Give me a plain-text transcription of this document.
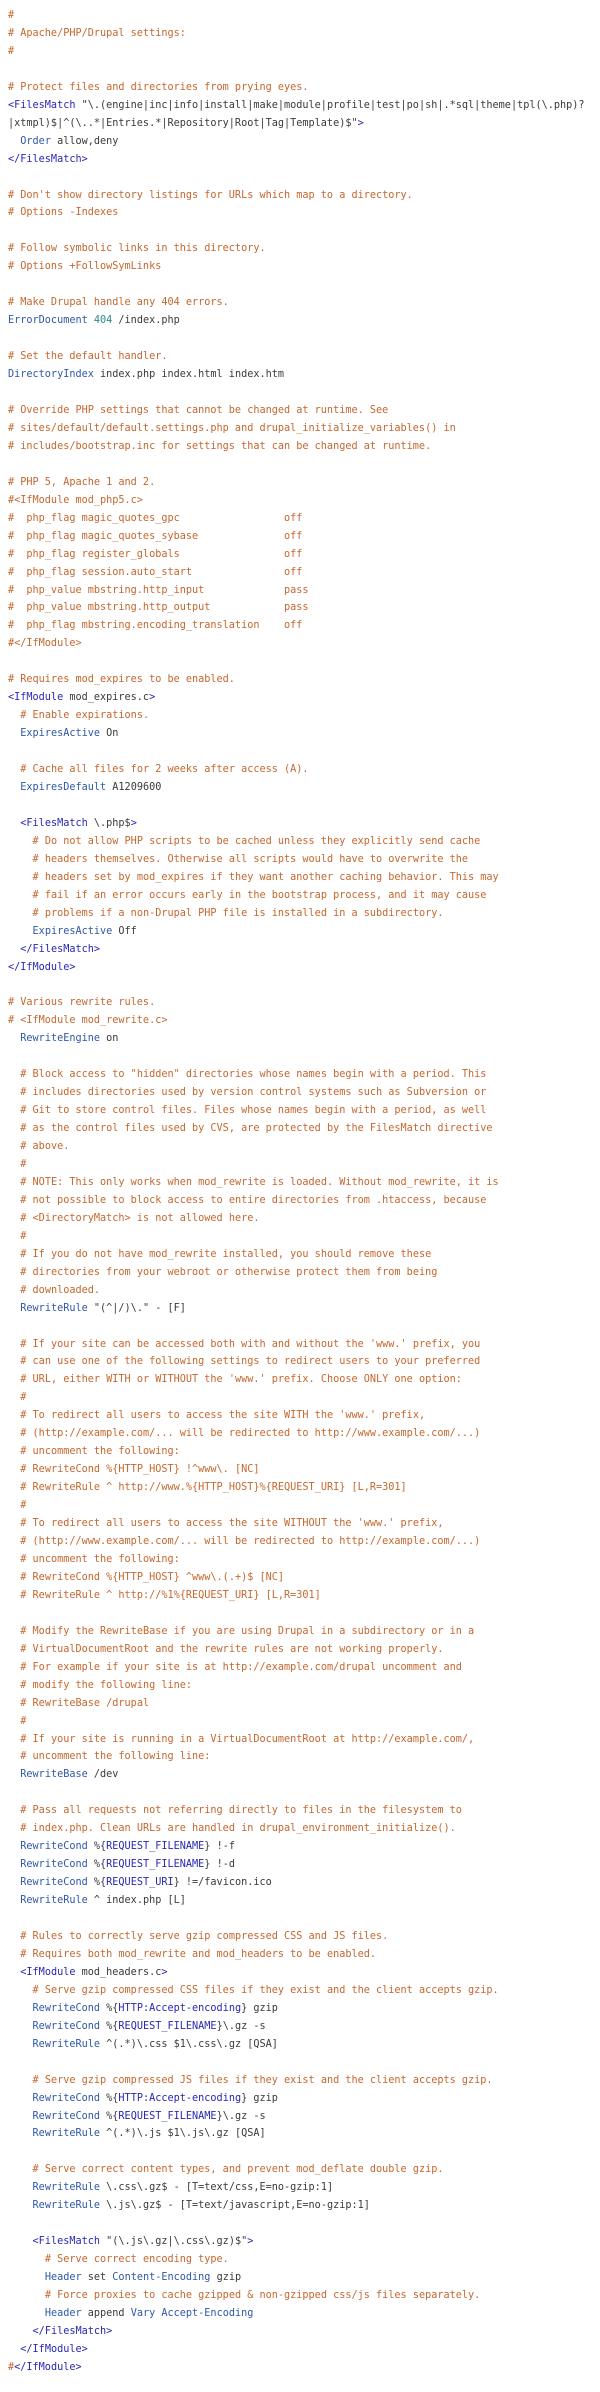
#
# Apache/PHP/Drupal settings:
#

# Protect files and directories from prying eyes.
<FilesMatch "\.(engine|inc|info|install|make|module|profile|test|po|sh|.*sql|theme|tpl(\.php)?
|xtmpl)$|^(\..*|Entries.*|Repository|Root|Tag|Template)$">
Order allow,deny
</FilesMatch>

# Don't show directory listings for URLs which map to a directory.
# Options -Indexes

# Follow symbolic links in this directory.
# Options +FollowSymLinks

# Make Drupal handle any 404 errors.
ErrorDocument 404 /index.php

# Set the default handler.
DirectoryIndex index.php index.html index.htm

# Override PHP settings that cannot be changed at runtime. See
# sites/default/default.settings.php and drupal_initialize_variables() in
# includes/bootstrap.inc for settings that can be changed at runtime.

# PHP 5, Apache 1 and 2.
#<IfModule mod_php5.c>
#  php_flag magic_quotes_gpc                 off
#  php_flag magic_quotes_sybase              off
#  php_flag register_globals                 off
#  php_flag session.auto_start               off
#  php_value mbstring.http_input             pass
#  php_value mbstring.http_output            pass
#  php_flag mbstring.encoding_translation    off
#</IfModule>

# Requires mod_expires to be enabled.
<IfModule mod_expires.c>
# Enable expirations.
ExpiresActive On

# Cache all files for 2 weeks after access (A).
ExpiresDefault A1209600

<FilesMatch \.php$>
# Do not allow PHP scripts to be cached unless they explicitly send cache
# headers themselves. Otherwise all scripts would have to overwrite the
# headers set by mod_expires if they want another caching behavior. This may
# fail if an error occurs early in the bootstrap process, and it may cause
# problems if a non-Drupal PHP file is installed in a subdirectory.
ExpiresActive Off
</FilesMatch>
</IfModule>

# Various rewrite rules.
# <IfModule mod_rewrite.c>
RewriteEngine on

# Block access to "hidden" directories whose names begin with a period. This
# includes directories used by version control systems such as Subversion or
# Git to store control files. Files whose names begin with a period, as well
# as the control files used by CVS, are protected by the FilesMatch directive
# above.
#
# NOTE: This only works when mod_rewrite is loaded. Without mod_rewrite, it is
# not possible to block access to entire directories from .htaccess, because
# <DirectoryMatch> is not allowed here.
#
# If you do not have mod_rewrite installed, you should remove these
# directories from your webroot or otherwise protect them from being
# downloaded.
RewriteRule "(^|/)\." - [F]

# If your site can be accessed both with and without the 'www.' prefix, you
# can use one of the following settings to redirect users to your preferred
# URL, either WITH or WITHOUT the 'www.' prefix. Choose ONLY one option:
#
# To redirect all users to access the site WITH the 'www.' prefix,
# (http://example.com/... will be redirected to http://www.example.com/...)
# uncomment the following:
# RewriteCond %{HTTP_HOST} !^www\. [NC]
# RewriteRule ^ http://www.%{HTTP_HOST}%{REQUEST_URI} [L,R=301]
#
# To redirect all users to access the site WITHOUT the 'www.' prefix,
# (http://www.example.com/... will be redirected to http://example.com/...)
# uncomment the following:
# RewriteCond %{HTTP_HOST} ^www\.(.+)$ [NC]
# RewriteRule ^ http://%1%{REQUEST_URI} [L,R=301]

# Modify the RewriteBase if you are using Drupal in a subdirectory or in a
# VirtualDocumentRoot and the rewrite rules are not working properly.
# For example if your site is at http://example.com/drupal uncomment and
# modify the following line:
# RewriteBase /drupal
#
# If your site is running in a VirtualDocumentRoot at http://example.com/,
# uncomment the following line:
RewriteBase /dev

# Pass all requests not referring directly to files in the filesystem to
# index.php. Clean URLs are handled in drupal_environment_initialize().
RewriteCond %{REQUEST_FILENAME} !-f
RewriteCond %{REQUEST_FILENAME} !-d
RewriteCond %{REQUEST_URI} !=/favicon.ico
RewriteRule ^ index.php [L]

# Rules to correctly serve gzip compressed CSS and JS files.
# Requires both mod_rewrite and mod_headers to be enabled.
<IfModule mod_headers.c>
# Serve gzip compressed CSS files if they exist and the client accepts gzip.
RewriteCond %{HTTP:Accept-encoding} gzip
RewriteCond %{REQUEST_FILENAME}\.gz -s
RewriteRule ^(.*)\.css $1\.css\.gz [QSA]

# Serve gzip compressed JS files if they exist and the client accepts gzip.
RewriteCond %{HTTP:Accept-encoding} gzip
RewriteCond %{REQUEST_FILENAME}\.gz -s
RewriteRule ^(.*)\.js $1\.js\.gz [QSA]

# Serve correct content types, and prevent mod_deflate double gzip.
RewriteRule \.css\.gz$ - [T=text/css,E=no-gzip:1]
RewriteRule \.js\.gz$ - [T=text/javascript,E=no-gzip:1]

<FilesMatch "(\.js\.gz|\.css\.gz)$">
# Serve correct encoding type.
Header set Content-Encoding gzip
# Force proxies to cache gzipped & non-gzipped css/js files separately.
Header append Vary Accept-Encoding
</FilesMatch>
</IfModule>
#</IfModule>
